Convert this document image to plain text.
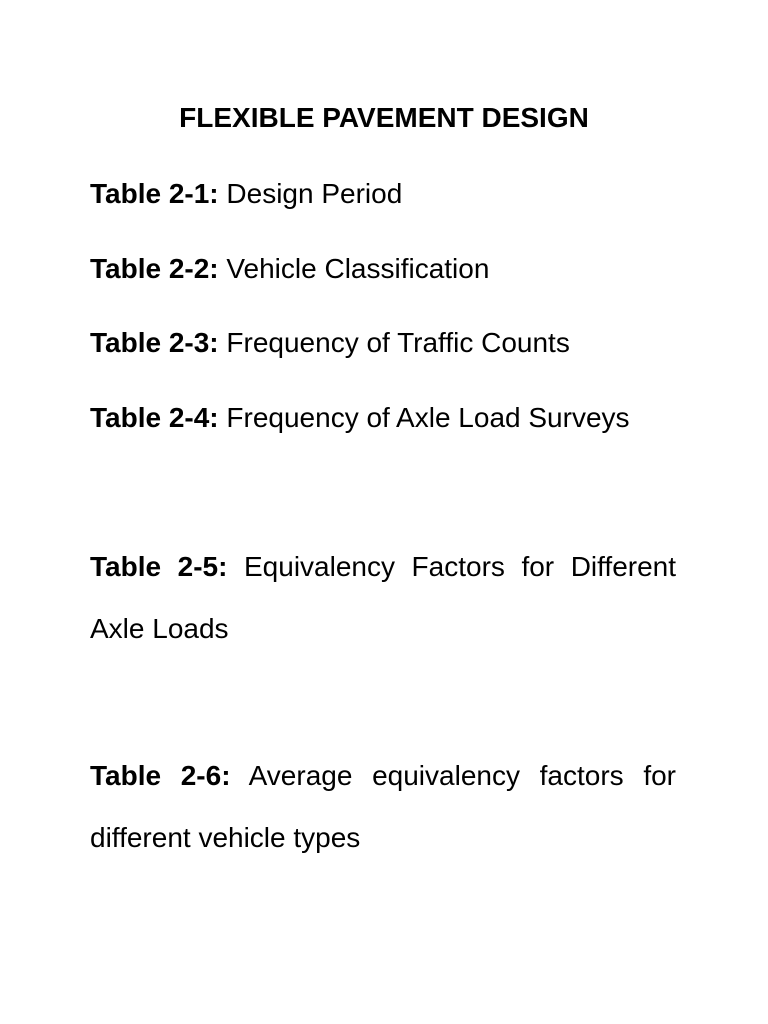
FLEXIBLE PAVEMENT DESIGN
Table 2-1: Design Period
Table 2-2: Vehicle Classification
Table 2-3: Frequency of Traffic Counts
Table 2-4: Frequency of Axle Load Surveys
Table 2-5: Equivalency Factors for Different Axle Loads
Table 2-6: Average equivalency factors for different vehicle types
